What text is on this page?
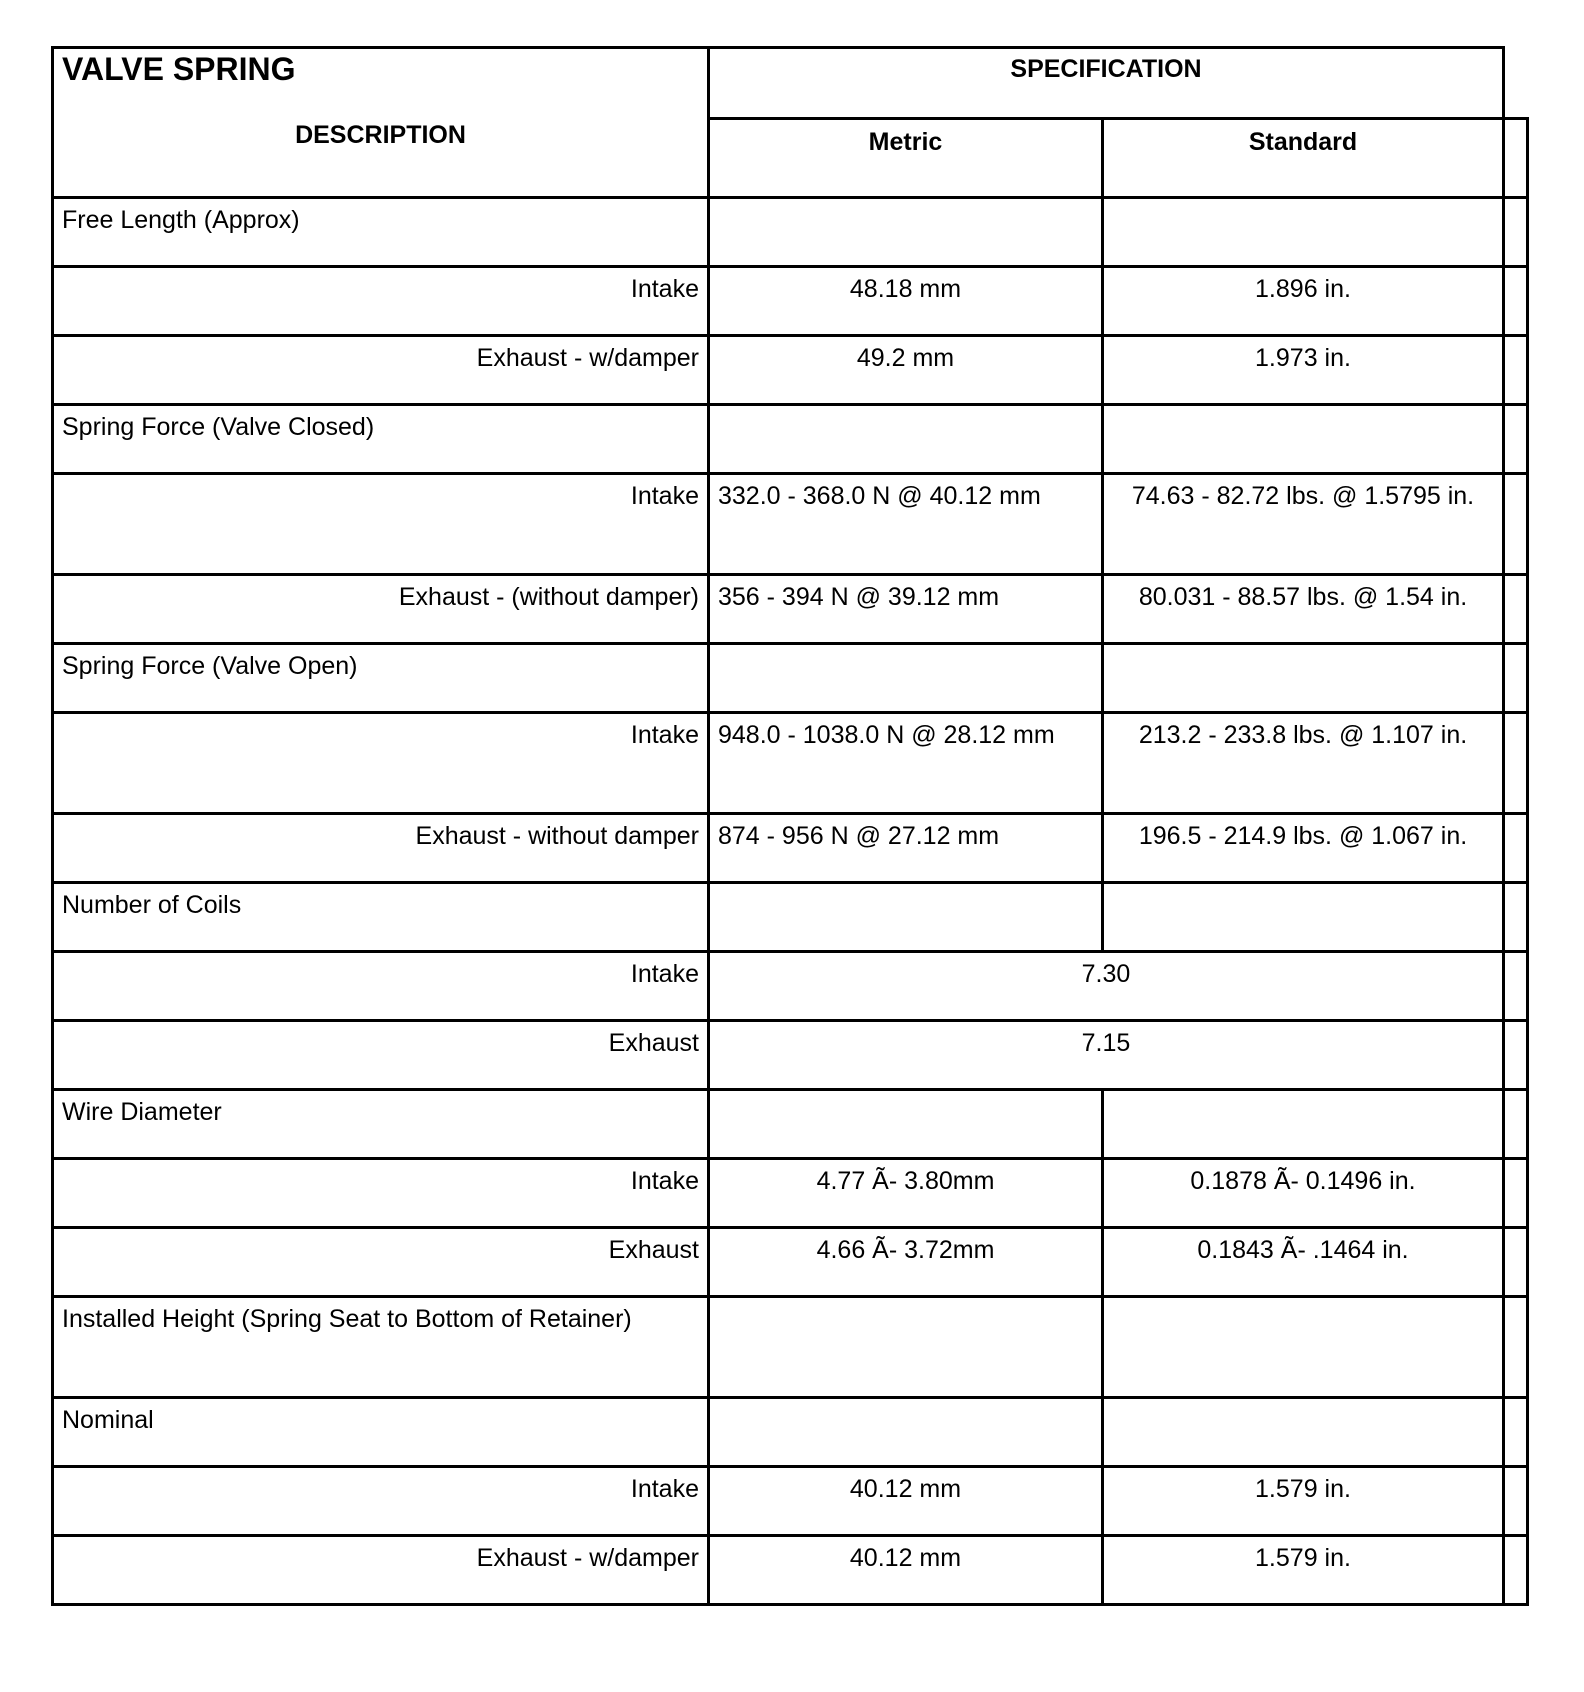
VALVE SPRING
DESCRIPTION	SPECIFICATION		
	Metric	Standard	
Free Length (Approx)			
Intake	48.18 mm	1.896 in.	
Exhaust - w/damper	49.2 mm	1.973 in.	
Spring Force (Valve Closed)			
Intake	332.0 - 368.0 N @ 40.12 mm	74.63 - 82.72 lbs. @ 1.5795 in.	
Exhaust - (without damper)	356 - 394 N @ 39.12 mm	80.031 - 88.57 lbs. @ 1.54 in.	
Spring Force (Valve Open)			
Intake	948.0 - 1038.0 N @ 28.12 mm	213.2 - 233.8 lbs. @ 1.107 in.	
Exhaust - without damper	874 - 956 N @ 27.12 mm	196.5 - 214.9 lbs. @ 1.067 in.	
Number of Coils			
Intake	7.30		
Exhaust	7.15		
Wire Diameter			
Intake	4.77 Ã- 3.80mm	0.1878 Ã- 0.1496 in.	
Exhaust	4.66 Ã- 3.72mm	0.1843 Ã- .1464 in.	
Installed Height (Spring Seat to Bottom of Retainer)			
Nominal			
Intake	40.12 mm	1.579 in.	
Exhaust - w/damper	40.12 mm	1.579 in.	
